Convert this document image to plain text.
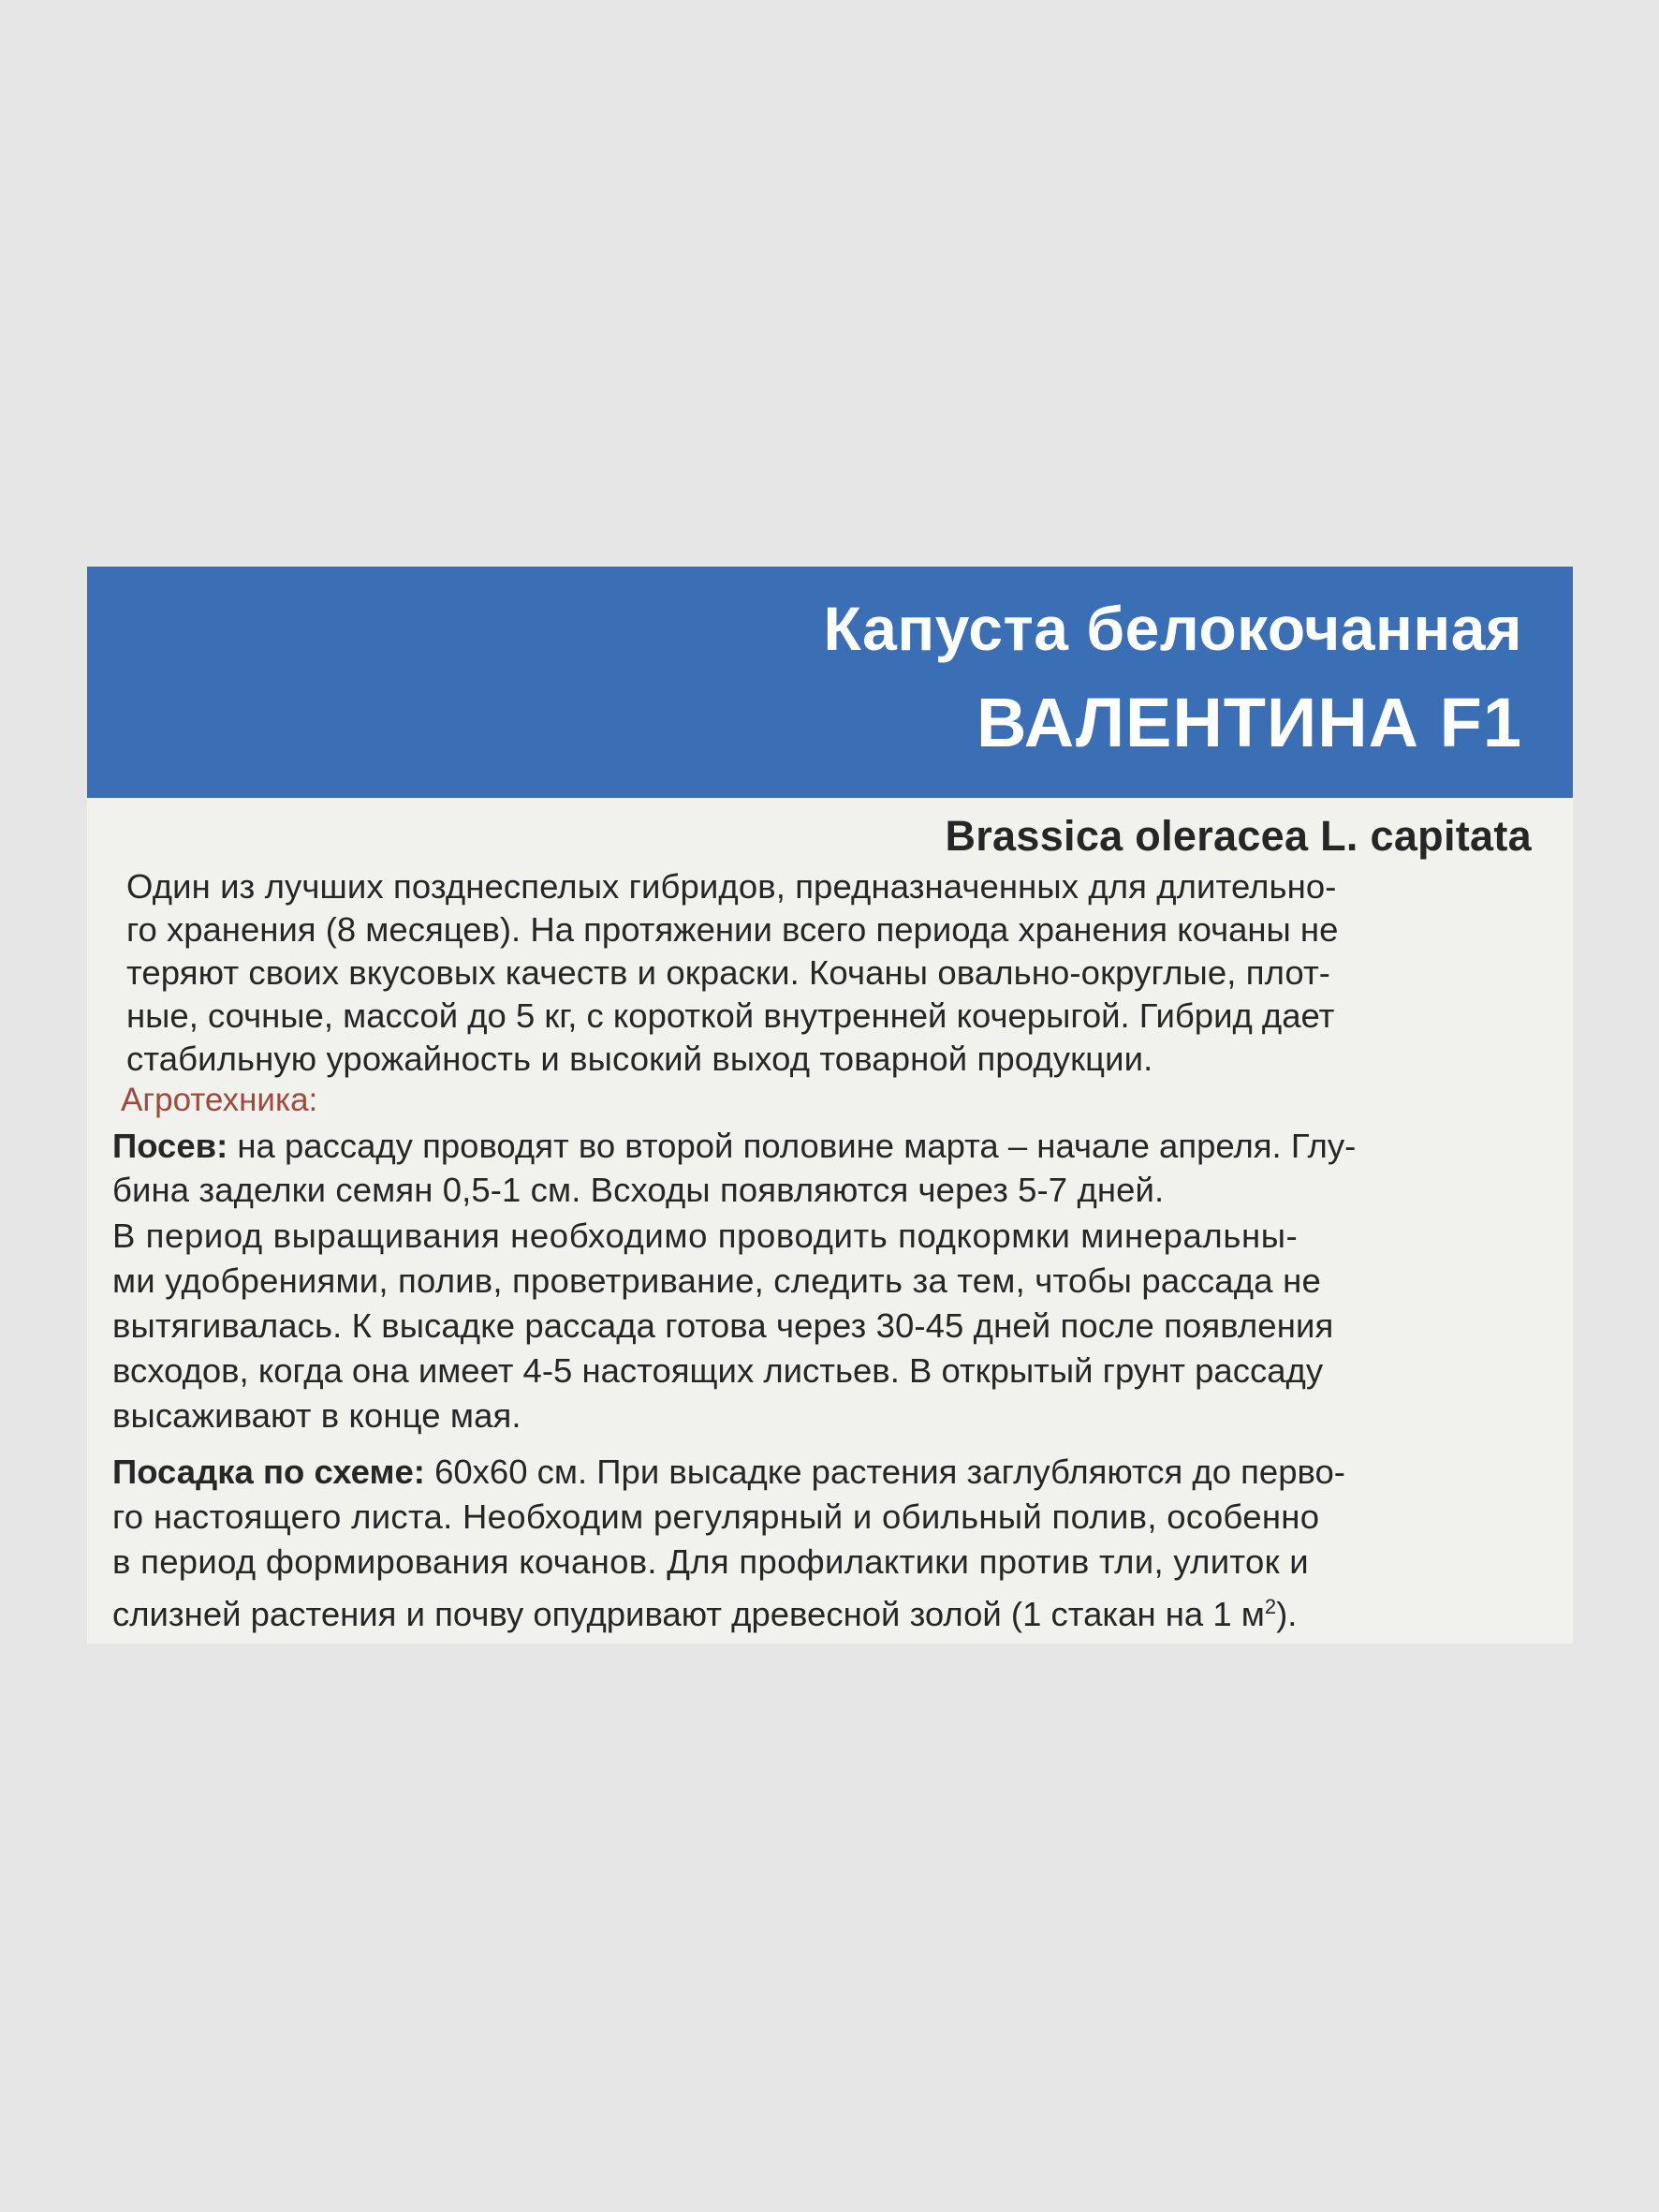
Капуста белокочанная
ВАЛЕНТИНА F1

Brassica oleracea L. capitata

Один из лучших позднеспелых гибридов, предназначенных для длительно-

го хранения (8 месяцев). На протяжении всего периода хранения кочаны не

теряют своих вкусовых качеств и окраски. Кочаны овально-округлые, плот-

ные, сочные, массой до 5 кг, с короткой внутренней кочерыгой. Гибрид дает

стабильную урожайность и высокий выход товарной продукции.

Агротехника:

Посев: на рассаду проводят во второй половине марта – начале апреля. Глу-

бина заделки семян 0,5-1 см. Всходы появляются через 5-7 дней.

В период выращивания необходимо проводить подкормки минеральны-

ми удобрениями, полив, проветривание, следить за тем, чтобы рассада не

вытягивалась. К высадке рассада готова через 30-45 дней после появления

всходов, когда она имеет 4-5 настоящих листьев. В открытый грунт рассаду

высаживают в конце мая.

Посадка по схеме: 60х60 см. При высадке растения заглубляются до перво-

го настоящего листа. Необходим регулярный и обильный полив, особенно

в период формирования кочанов. Для профилактики против тли, улиток и

слизней растения и почву опудривают древесной золой (1 стакан на 1 $м^2$).
